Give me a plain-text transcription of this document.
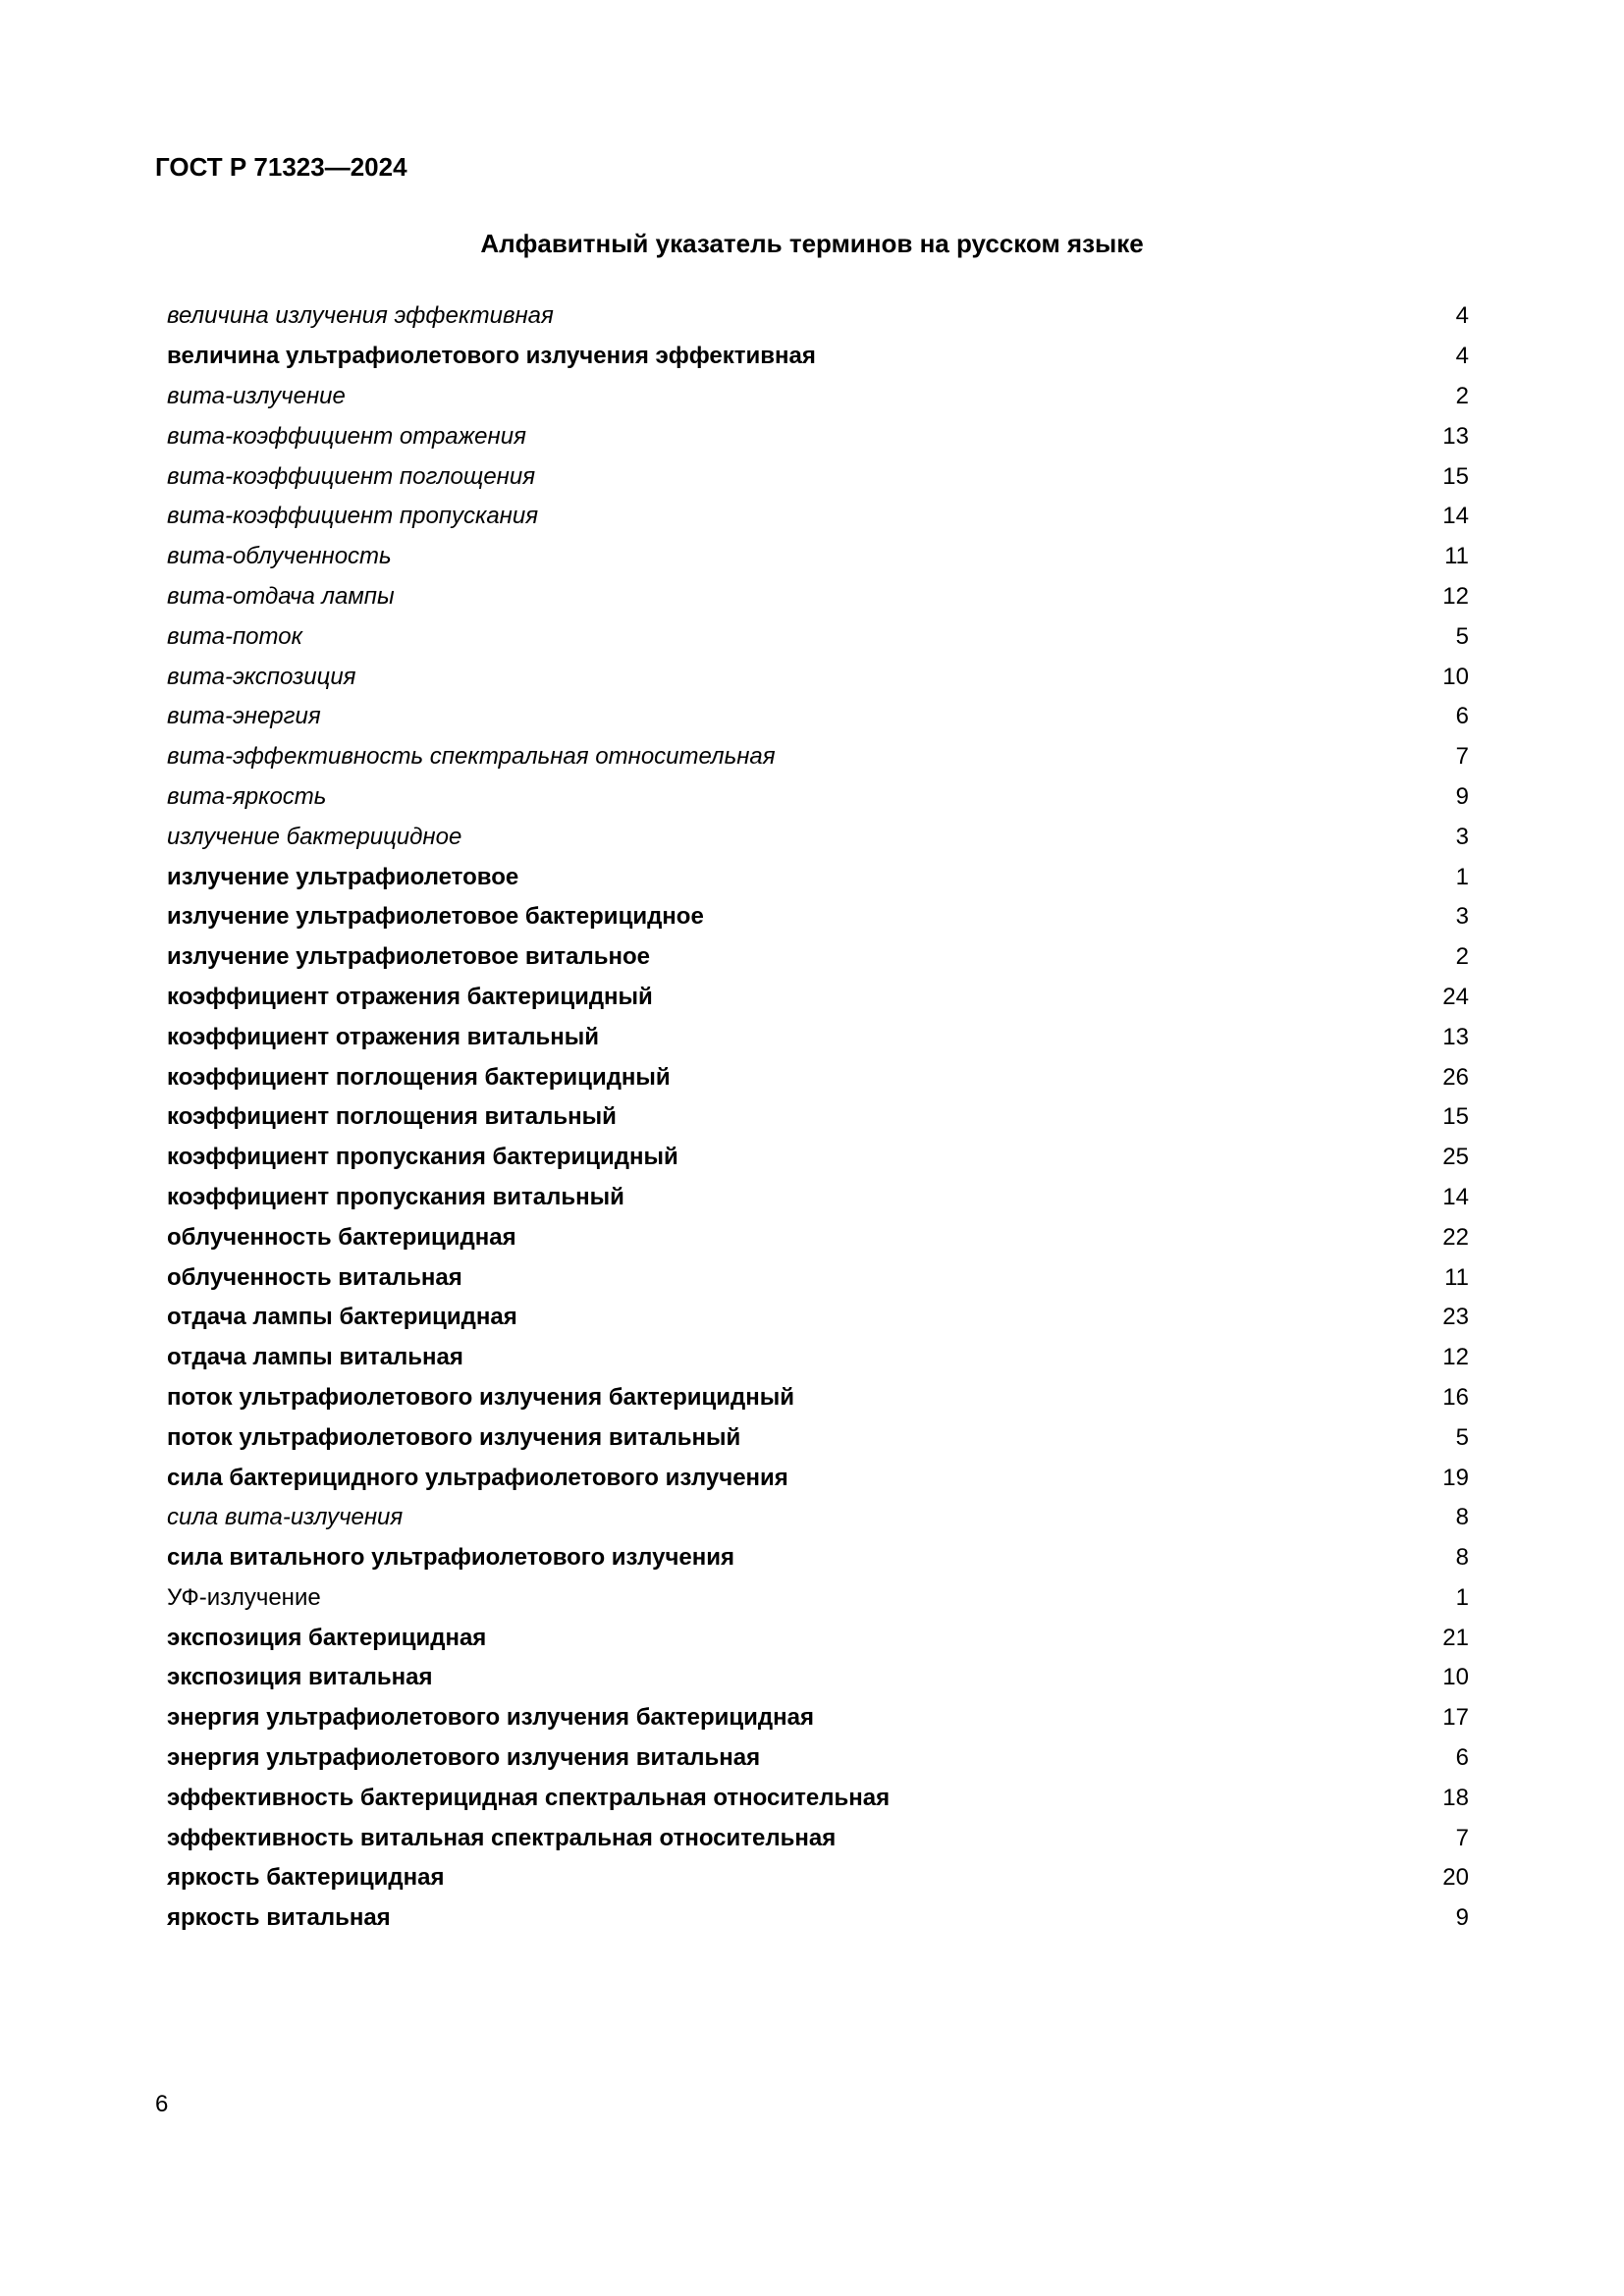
ГОСТ Р 71323—2024
Алфавитный указатель терминов на русском языке
величина излучения эффективная	4
величина ультрафиолетового излучения эффективная	4
вита-излучение	2
вита-коэффициент отражения	13
вита-коэффициент поглощения	15
вита-коэффициент пропускания	14
вита-облученность	11
вита-отдача лампы	12
вита-поток	5
вита-экспозиция	10
вита-энергия	6
вита-эффективность спектральная относительная	7
вита-яркость	9
излучение бактерицидное	3
излучение ультрафиолетовое	1
излучение ультрафиолетовое бактерицидное	3
излучение ультрафиолетовое витальное	2
коэффициент отражения бактерицидный	24
коэффициент отражения витальный	13
коэффициент поглощения бактерицидный	26
коэффициент поглощения витальный	15
коэффициент пропускания бактерицидный	25
коэффициент пропускания витальный	14
облученность бактерицидная	22
облученность витальная	11
отдача лампы бактерицидная	23
отдача лампы витальная	12
поток ультрафиолетового излучения бактерицидный	16
поток ультрафиолетового излучения витальный	5
сила бактерицидного ультрафиолетового излучения	19
сила вита-излучения	8
сила витального ультрафиолетового излучения	8
УФ-излучение	1
экспозиция бактерицидная	21
экспозиция витальная	10
энергия ультрафиолетового излучения бактерицидная	17
энергия ультрафиолетового излучения витальная	6
эффективность бактерицидная спектральная относительная	18
эффективность витальная спектральная относительная	7
яркость бактерицидная	20
яркость витальная	9
6
